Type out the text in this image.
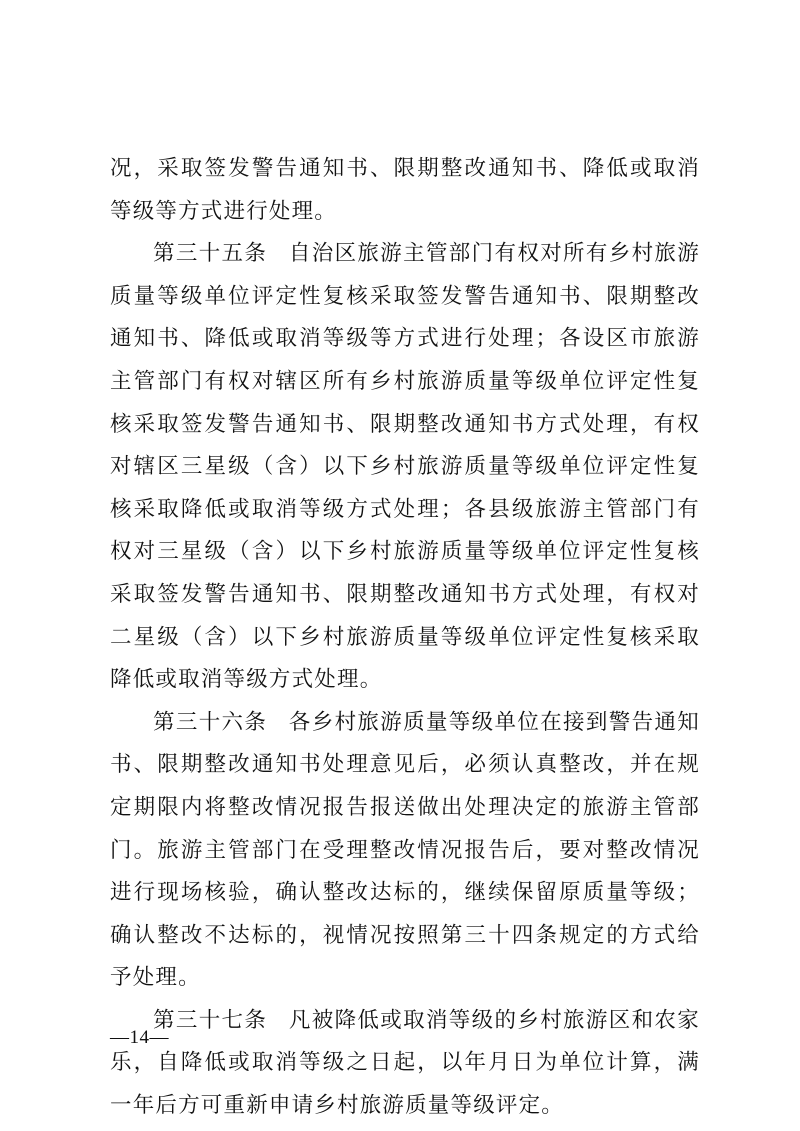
况，采取签发警告通知书、限期整改通知书、降低或取消等级等方式进行处理。

第三十五条 自治区旅游主管部门有权对所有乡村旅游质量等级单位评定性复核采取签发警告通知书、限期整改通知书、降低或取消等级等方式进行处理；各设区市旅游主管部门有权对辖区所有乡村旅游质量等级单位评定性复核采取签发警告通知书、限期整改通知书方式处理，有权对辖区三星级（含）以下乡村旅游质量等级单位评定性复核采取降低或取消等级方式处理；各县级旅游主管部门有权对三星级（含）以下乡村旅游质量等级单位评定性复核采取签发警告通知书、限期整改通知书方式处理，有权对二星级（含）以下乡村旅游质量等级单位评定性复核采取降低或取消等级方式处理。

第三十六条 各乡村旅游质量等级单位在接到警告通知书、限期整改通知书处理意见后，必须认真整改，并在规定期限内将整改情况报告报送做出处理决定的旅游主管部门。旅游主管部门在受理整改情况报告后，要对整改情况进行现场核验，确认整改达标的，继续保留原质量等级；确认整改不达标的，视情况按照第三十四条规定的方式给予处理。

第三十七条 凡被降低或取消等级的乡村旅游区和农家乐，自降低或取消等级之日起，以年月日为单位计算，满一年后方可重新申请乡村旅游质量等级评定。

—14—
